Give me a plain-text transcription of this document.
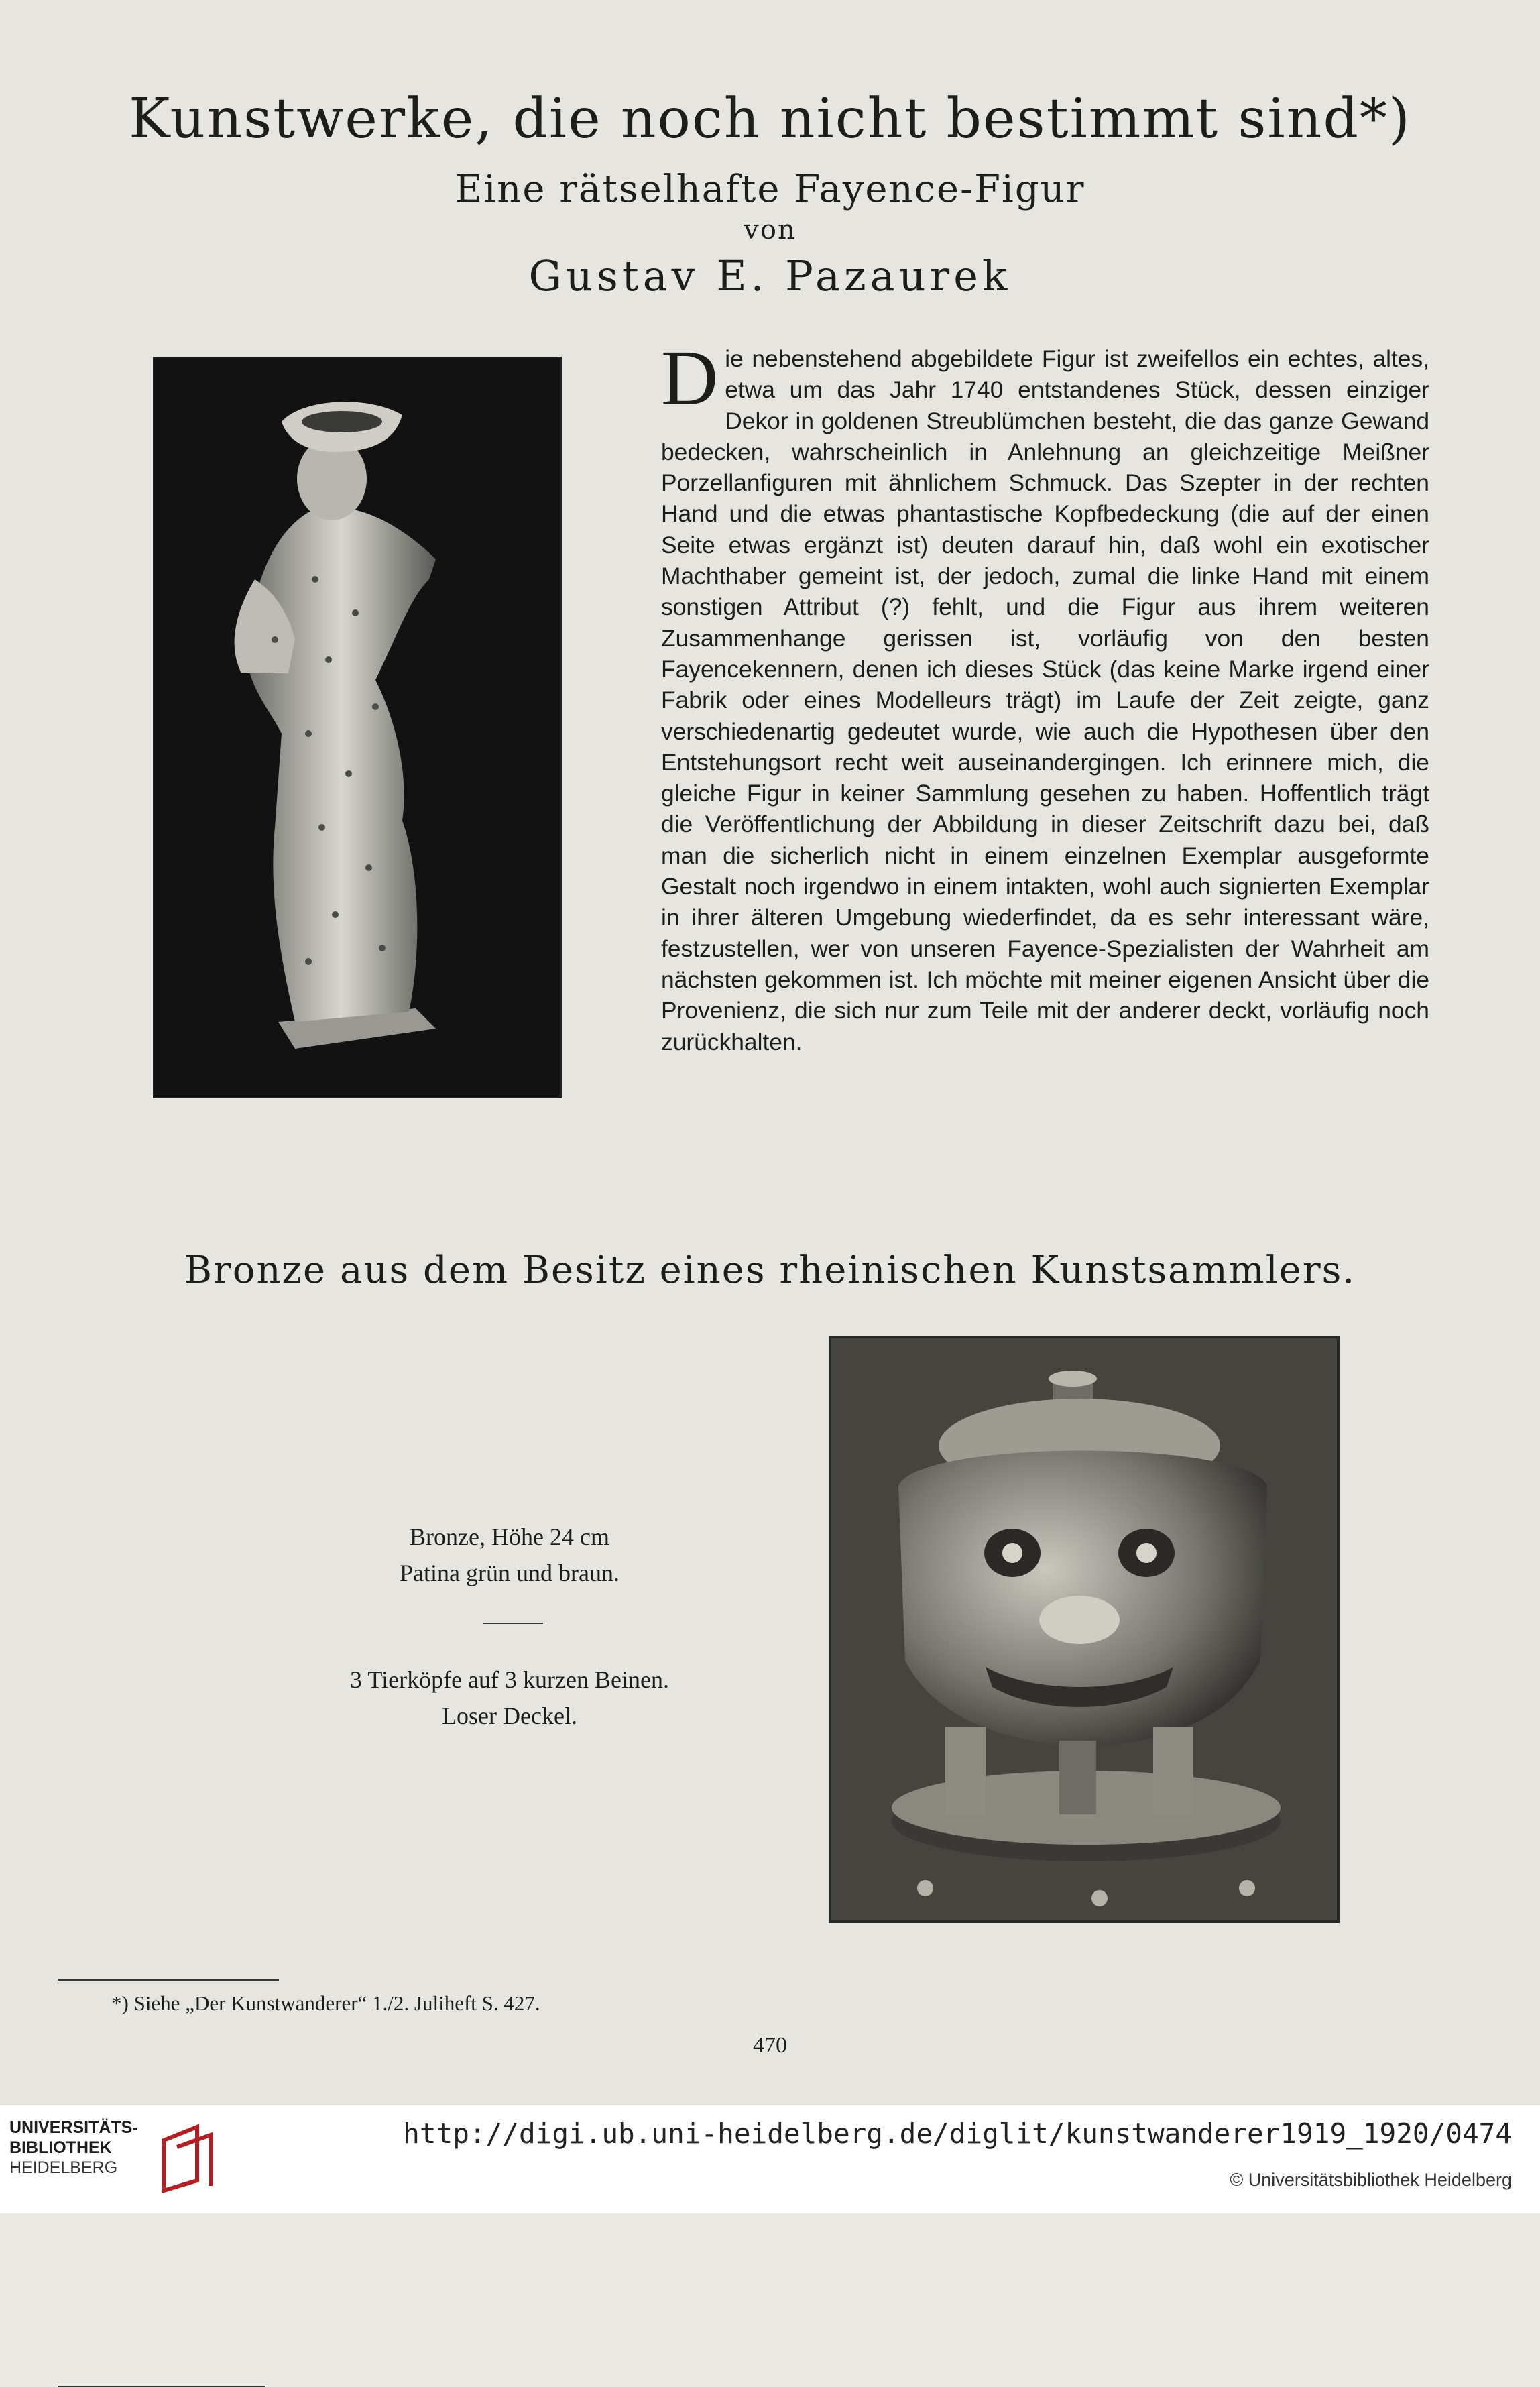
Kunstwerke, die noch nicht bestimmt sind*)
Eine rätselhafte Fayence-Figur
von
Gustav E. Pazaurek

Die nebenstehend abgebildete Figur ist zweifellos ein echtes, altes, etwa um das Jahr 1740 entstandenes Stück, dessen einziger Dekor in goldenen Streublümchen besteht, die das ganze Gewand bedecken, wahrscheinlich in Anlehnung an gleichzeitige Meißner Porzellanfiguren mit ähnlichem Schmuck. Das Szepter in der rechten Hand und die etwas phantastische Kopfbedeckung (die auf der einen Seite etwas ergänzt ist) deuten darauf hin, daß wohl ein exotischer Machthaber gemeint ist, der jedoch, zumal die linke Hand mit einem sonstigen Attribut (?) fehlt, und die Figur aus ihrem weiteren Zusammenhange gerissen ist, vorläufig von den besten Fayencekennern, denen ich dieses Stück (das keine Marke irgend einer Fabrik oder eines Modelleurs trägt) im Laufe der Zeit zeigte, ganz verschiedenartig gedeutet wurde, wie auch die Hypothesen über den Entstehungsort recht weit auseinandergingen. Ich erinnere mich, die gleiche Figur in keiner Sammlung gesehen zu haben. Hoffentlich trägt die Veröffentlichung der Abbildung in dieser Zeitschrift dazu bei, daß man die sicherlich nicht in einem einzelnen Exemplar ausgeformte Gestalt noch irgendwo in einem intakten, wohl auch signierten Exemplar in ihrer älteren Umgebung wiederfindet, da es sehr interessant wäre, festzustellen, wer von unseren Fayence-Spezialisten der Wahrheit am nächsten gekommen ist. Ich möchte mit meiner eigenen Ansicht über die Provenienz, die sich nur zum Teile mit der anderer deckt, vorläufig noch zurückhalten.

Bronze aus dem Besitz eines rheinischen Kunstsammlers.
Bronze, Höhe 24 cm
Patina grün und braun.
3 Tierköpfe auf 3 kurzen Beinen.
Loser Deckel.
*) Siehe „Der Kunstwanderer“ 1./2. Juliheft S. 427.
470
UNIVERSITÄTS-
BIBLIOTHEK
HEIDELBERG
http://digi.ub.uni-heidelberg.de/diglit/kunstwanderer1919_1920/0474
© Universitätsbibliothek Heidelberg
